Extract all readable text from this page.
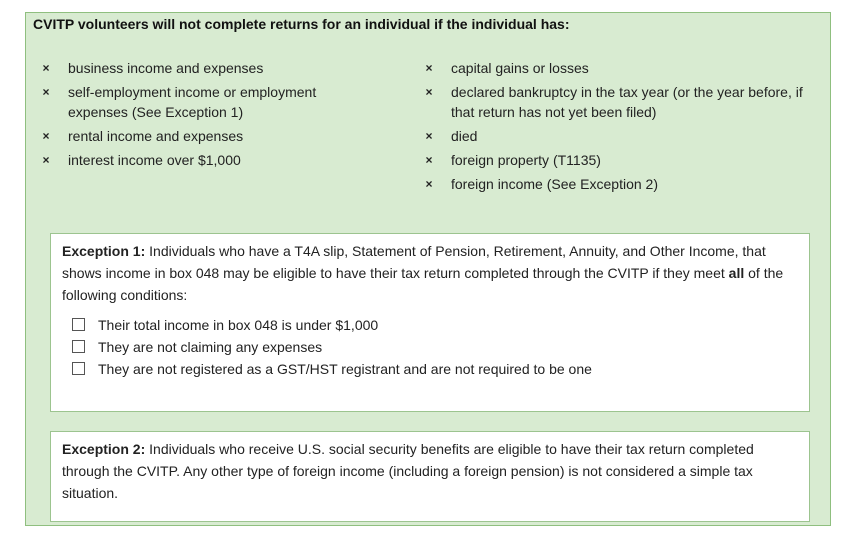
CVITP volunteers will not complete returns for an individual if the individual has:

× business income and expenses
× self-employment income or employment expenses (See Exception 1)
× rental income and expenses
× interest income over $1,000
× capital gains or losses
× declared bankruptcy in the tax year (or the year before, if that return has not yet been filed)
× died
× foreign property (T1135)
× foreign income (See Exception 2)

Exception 1: Individuals who have a T4A slip, Statement of Pension, Retirement, Annuity, and Other Income, that shows income in box 048 may be eligible to have their tax return completed through the CVITP if they meet all of the following conditions:

Their total income in box 048 is under $1,000
They are not claiming any expenses
They are not registered as a GST/HST registrant and are not required to be one

Exception 2: Individuals who receive U.S. social security benefits are eligible to have their tax return completed through the CVITP. Any other type of foreign income (including a foreign pension) is not considered a simple tax situation.
